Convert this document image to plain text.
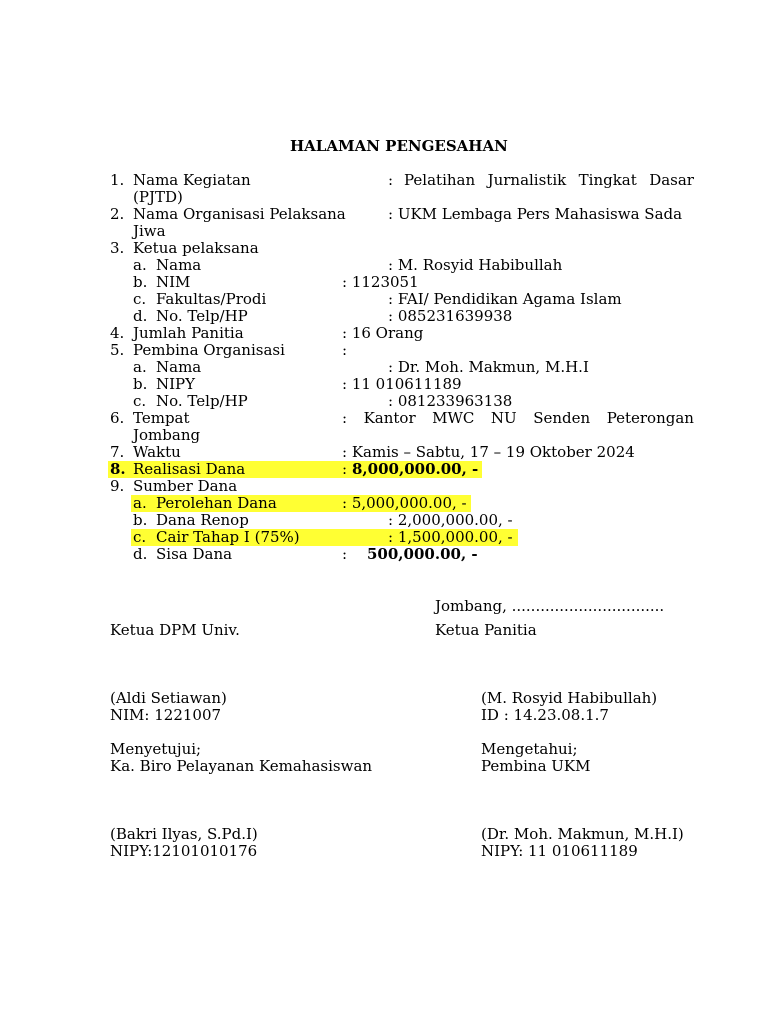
HALAMAN PENGESAHAN
1. Nama Kegiatan	: Pelatihan Jurnalistik Tingkat Dasar
(PJTD)
2. Nama Organisasi Pelaksana	: UKM Lembaga Pers Mahasiswa Sada
Jiwa
3. Ketua pelaksana
a. Nama	: M. Rosyid Habibullah
b. NIM	: 1123051
c. Fakultas/Prodi	: FAI/ Pendidikan Agama Islam
d. No. Telp/HP	: 085231639938
4. Jumlah Panitia	: 16 Orang
5. Pembina Organisasi	:
a. Nama	: Dr. Moh. Makmun, M.H.I
b. NIPY	: 11 010611189
c. No. Telp/HP	: 081233963138
6. Tempat	: Kantor MWC NU Senden Peterongan
Jombang
7. Waktu	: Kamis – Sabtu, 17 – 19 Oktober 2024
8. Realisasi Dana	: 8,000,000.00, -
9. Sumber Dana
a. Perolehan Dana	: 5,000,000.00, -
b. Dana Renop	: 2,000,000.00, -
c. Cair Tahap I (75%)	: 1,500,000.00, -
d. Sisa Dana	: 500,000.00, -
Jombang, ................................
Ketua DPM Univ.	Ketua Panitia
(Aldi Setiawan)
NIM: 1221007
(M. Rosyid Habibullah)
ID : 14.23.08.1.7
Menyetujui;
Ka. Biro Pelayanan Kemahasiswan
Mengetahui;
Pembina UKM
(Bakri Ilyas, S.Pd.I)
NIPY:12101010176
(Dr. Moh. Makmun, M.H.I)
NIPY: 11 010611189
